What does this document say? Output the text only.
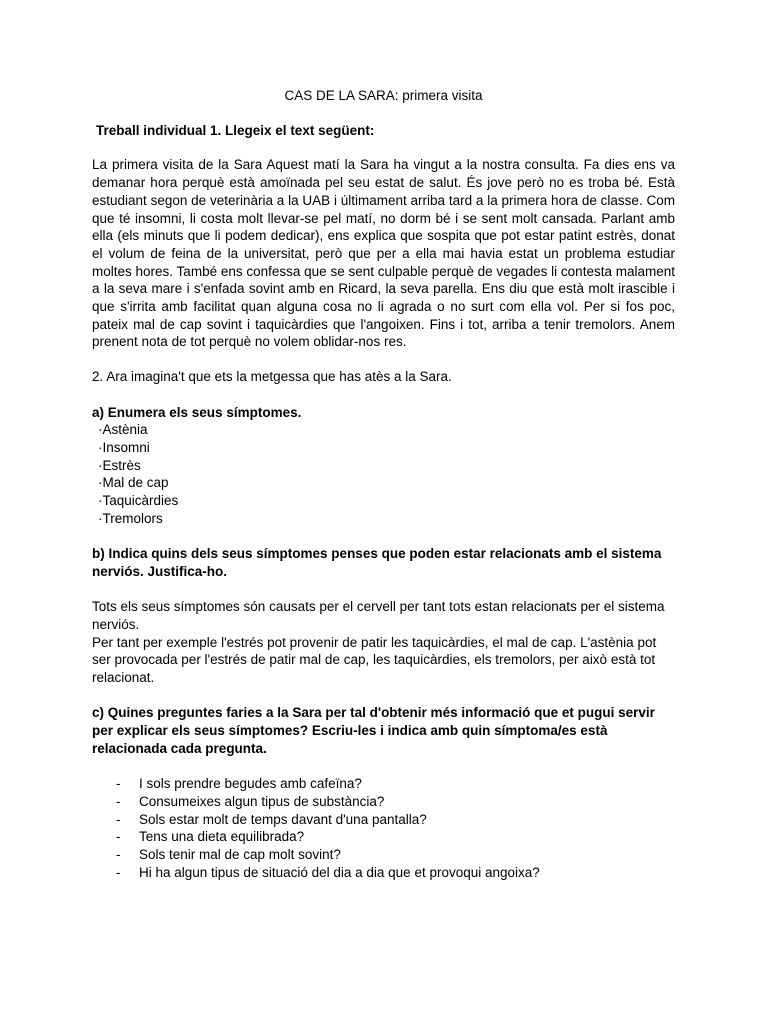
CAS DE LA SARA: primera visita

Treball individual 1. Llegeix el text següent:

La primera visita de la Sara Aquest matí la Sara ha vingut a la nostra consulta. Fa dies ens va demanar hora perquè està amoïnada pel seu estat de salut. És jove però no es troba bé. Està estudiant segon de veterinària a la UAB i últimament arriba tard a la primera hora de classe. Com que té insomni, li costa molt llevar-se pel matí, no dorm bé i se sent molt cansada. Parlant amb ella (els minuts que li podem dedicar), ens explica que sospita que pot estar patint estrès, donat el volum de feina de la universitat, però que per a ella mai havia estat un problema estudiar moltes hores. També ens confessa que se sent culpable perquè de vegades li contesta malament a la seva mare i s'enfada sovint amb en Ricard, la seva parella. Ens diu que està molt irascible i que s'irrita amb facilitat quan alguna cosa no li agrada o no surt com ella vol. Per si fos poc, pateix mal de cap sovint i taquicàrdies que l'angoixen. Fins i tot, arriba a tenir tremolors. Anem prenent nota de tot perquè no volem oblidar-nos res.

2. Ara imagina't que ets la metgessa que has atès a la Sara.

a) Enumera els seus símptomes.

·Astènia
·Insomni
·Estrès
·Mal de cap
·Taquicàrdies
·Tremolors

b) Indica quins dels seus símptomes penses que poden estar relacionats amb el sistema nerviós. Justifica-ho.

Tots els seus símptomes són causats per el cervell per tant tots estan relacionats per el sistema nerviós.

Per tant per exemple l'estrés pot provenir de patir les taquicàrdies, el mal de cap. L'astènia pot ser provocada per l'estrés de patir mal de cap, les taquicàrdies, els tremolors, per això està tot relacionat.

c) Quines preguntes faries a la Sara per tal d'obtenir més informació que et pugui servir per explicar els seus símptomes? Escriu-les i indica amb quin símptoma/es està relacionada cada pregunta.

- I sols prendre begudes amb cafeïna?
- Consumeixes algun tipus de substància?
- Sols estar molt de temps davant d'una pantalla?
- Tens una dieta equilibrada?
- Sols tenir mal de cap molt sovint?
- Hi ha algun tipus de situació del dia a dia que et provoqui angoixa?
